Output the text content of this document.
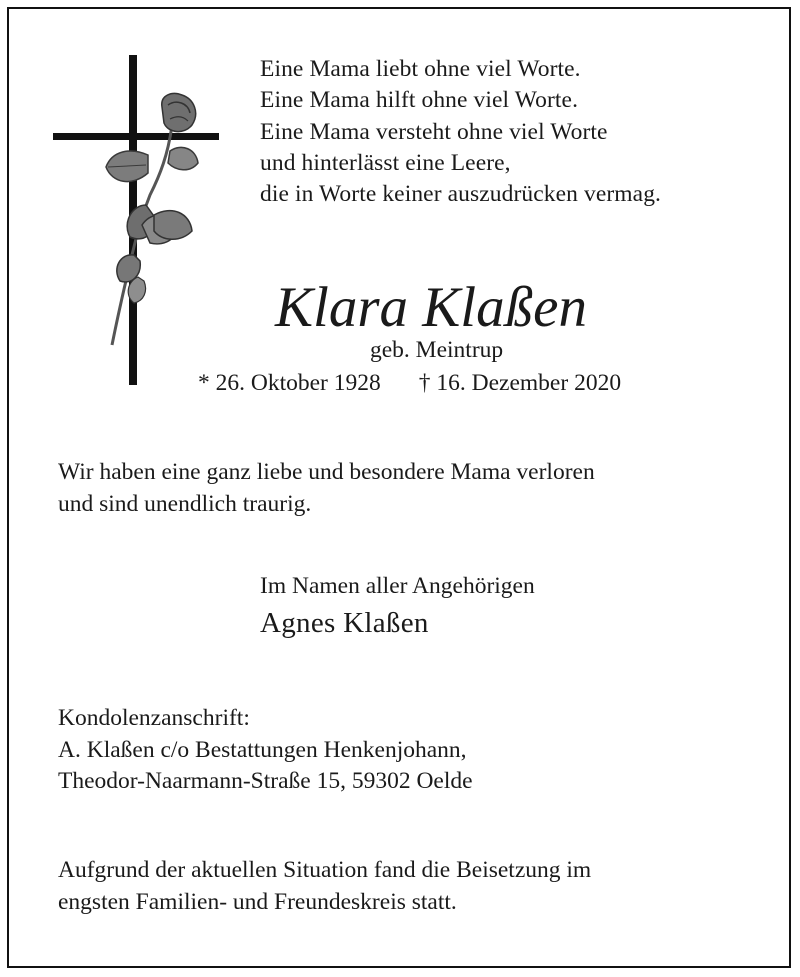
Eine Mama liebt ohne viel Worte.
Eine Mama hilft ohne viel Worte.
Eine Mama versteht ohne viel Worte
und hinterlässt eine Leere,
die in Worte keiner auszudrücken vermag.
Klara Klaßen
geb. Meintrup
* 26. Oktober 1928 † 16. Dezember 2020
Wir haben eine ganz liebe und besondere Mama verloren
und sind unendlich traurig.
Im Namen aller Angehörigen
Agnes Klaßen
Kondolenzanschrift:
A. Klaßen c/o Bestattungen Henkenjohann,
Theodor-Naarmann-Straße 15, 59302 Oelde
Aufgrund der aktuellen Situation fand die Beisetzung im
engsten Familien- und Freundeskreis statt.
